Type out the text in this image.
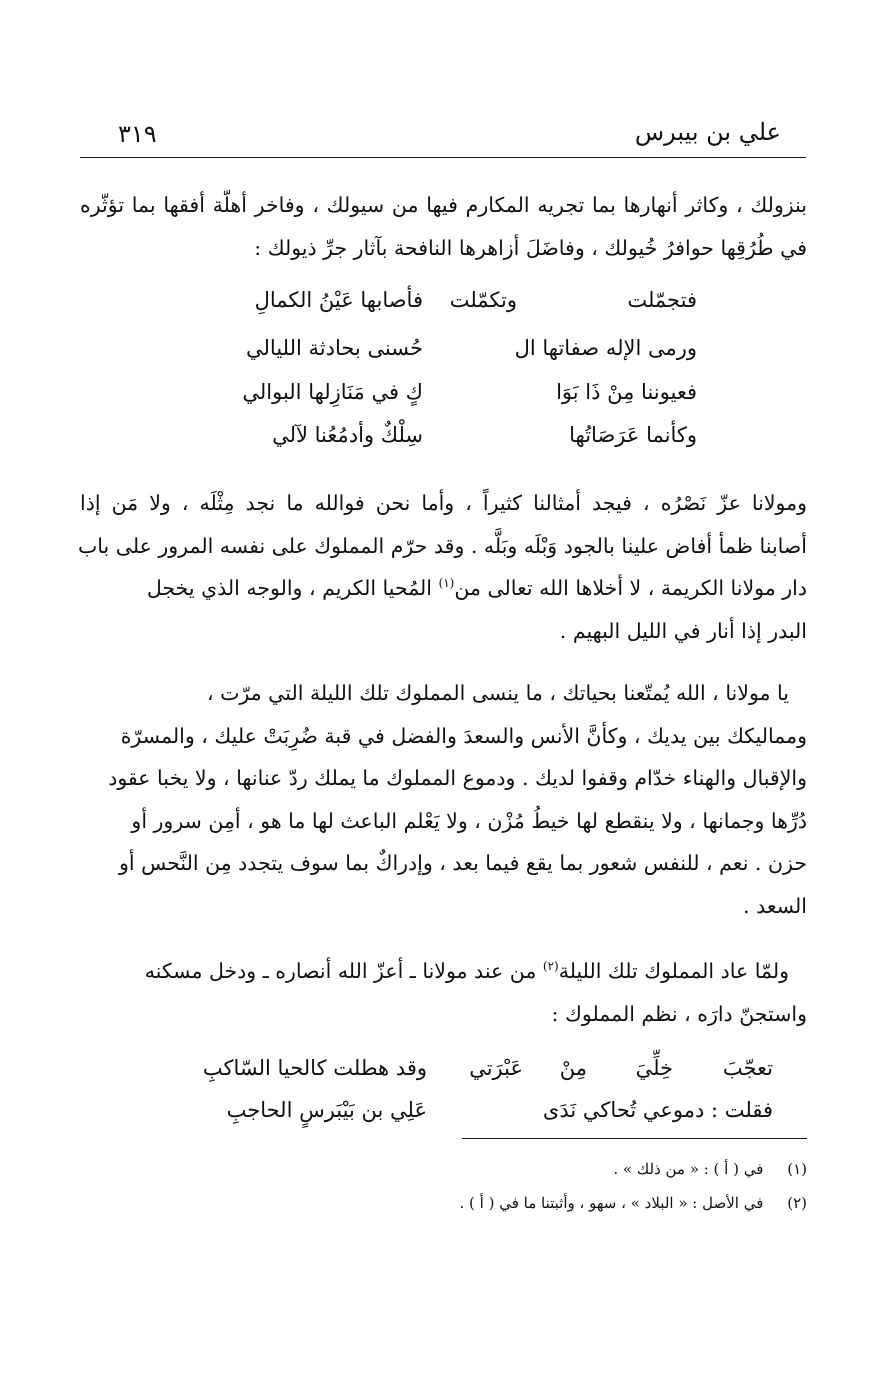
علي بن بيبرس
٣١٩
بنزولك ، وكاثر أنهارها بما تجريه المكارم فيها من سيولك ، وفاخر أهلّة أفقها بما تؤثّره
في طُرُقِها حوافرُ خُيولك ، وفاضَلَ أزاهرها النافحة بآثار جرِّ ذيولك :
فتجمّلت
وتكمّلت
فأصابها عَيْنُ الكمالِ
ورمى الإله صفاتها ال
حُسنى بحادثة الليالي
فعيوننا مِنْ ذَا بَوَا
كٍ في مَنَازِلها البوالي
وكأنما عَرَصَاتُها
سِلْكٌ وأدمُعُنا لآلي
ومولانا عزّ نَصْرُه ، فيجد أمثالنا كثيراً ، وأما نحن فوالله ما نجد مِثْلَه ، ولا مَن إذا
أصابنا ظمأ أفاض علينا بالجود وَبْلَه وبَلَّه . وقد حرّم المملوك على نفسه المرور على باب
دار مولانا الكريمة ، لا أخلاها الله تعالى من$^{(١)}$ المُحيا الكريم ، والوجه الذي يخجل
البدر إذا أنار في الليل البهيم .
يا مولانا ، الله يُمتّعنا بحياتك ، ما ينسى المملوك تلك الليلة التي مرّت ،
ومماليكك بين يديك ، وكأنَّ الأنس والسعدَ والفضل في قبة ضُرِبَتْ عليك ، والمسرّة
والإقبال والهناء خدّام وقفوا لديك . ودموع المملوك ما يملك ردّ عنانها ، ولا يخبا عقود
دُرِّها وجمانها ، ولا ينقطع لها خيطُ مُزْن ، ولا يَعْلم الباعث لها ما هو ، أمِن سرور أو
حزن . نعم ، للنفس شعور بما يقع فيما بعد ، وإدراكٌ بما سوف يتجدد مِن النَّحس أو
السعد .
ولمّا عاد المملوك تلك الليلة$^{(٢)}$ من عند مولانا ـ أعزّ الله أنصاره ـ ودخل مسكنه
واستجنّ دارَه ، نظم المملوك :
تعجّبَ
خِلِّيَ
مِنْ
عَبْرَتي
وقد هطلت كالحيا السّاكبِ
فقلت : دموعي تُحاكي نَدَى
عَلِي بن بَيْبَرسٍ الحاجبِ
(١)     في ( أ ) : « من ذلك » .
(٢)     في الأصل : « البلاد » ، سهو ، وأثبتنا ما في ( أ ) .
